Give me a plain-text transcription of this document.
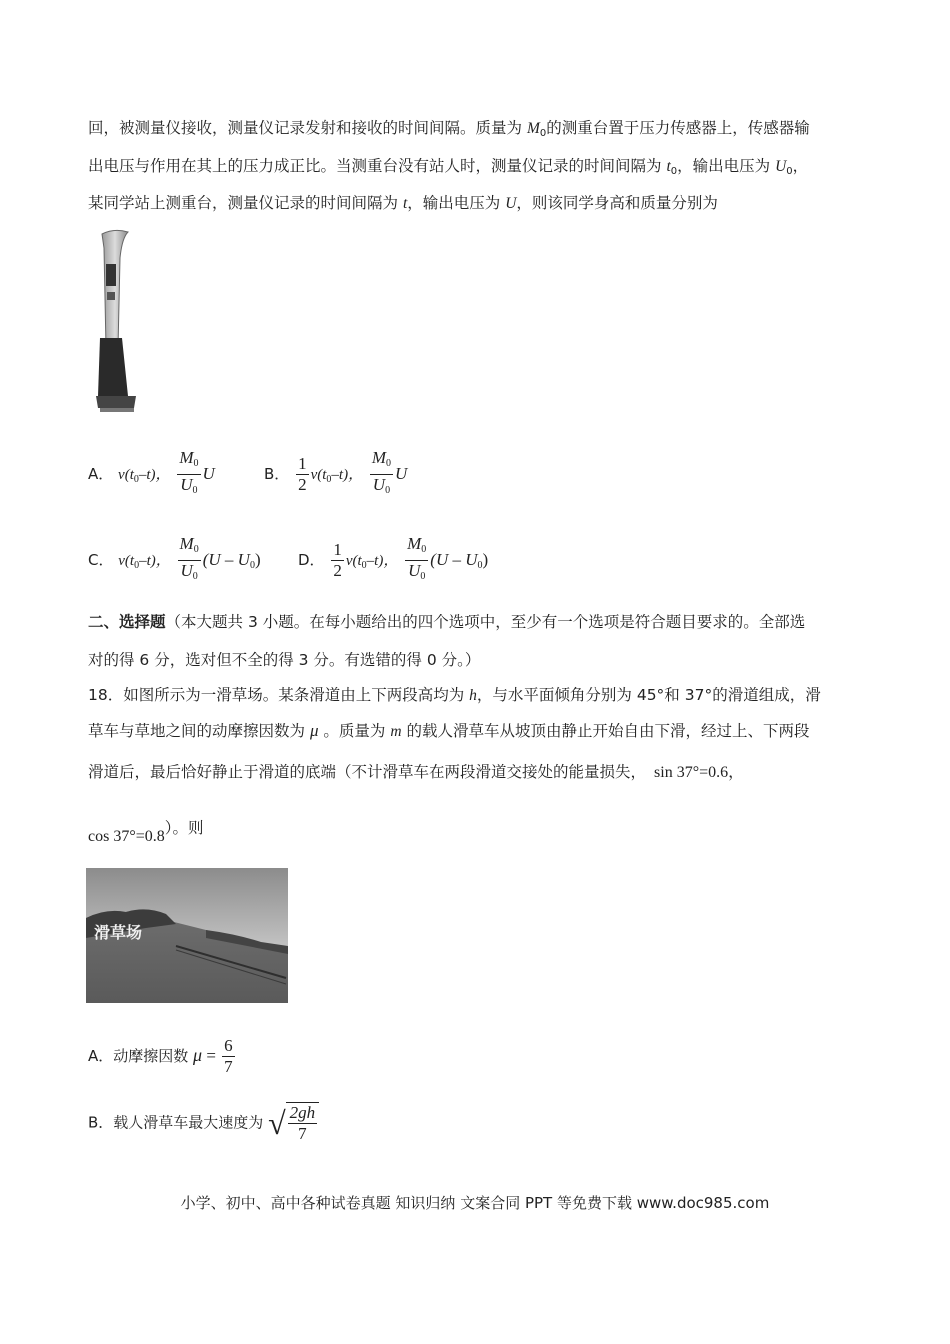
回，被测量仪接收，测量仪记录发射和接收的时间间隔。质量为 $M_0$的测重台置于压力传感器上，传感器输
出电压与作用在其上的压力成正比。当测重台没有站人时，测量仪记录的时间间隔为 $t_0$，输出电压为 $U_0$，
某同学站上测重台，测量仪记录的时间间隔为 t，输出电压为 U，则该同学身高和质量分别为
A． $v(t_0-t)$， $\frac{M_0}{U_0}$ U	B． $\frac{1}{2} v(t_0-t)$， $\frac{M_0}{U_0}$ U
C． $v(t_0-t)$， $\frac{M_0}{U_0} (U - U_0)$ D． $\frac{1}{2} v(t_0-t)$， $\frac{M_0}{U_0} (U - U_0)$
二、选择题（本大题共 3 小题。在每小题给出的四个选项中，至少有一个选项是符合题目要求的。全部选
对的得 6 分，选对但不全的得 3 分。有选错的得 0 分。）
18．如图所示为一滑草场。某条滑道由上下两段高均为 h，与水平面倾角分别为 45°和 37°的滑道组成，滑
草车与草地之间的动摩擦因数为 μ 。质量为 m 的载人滑草车从坡顶由静止开始自由下滑，经过上、下两段
滑道后，最后恰好静止于滑道的底端（不计滑草车在两段滑道交接处的能量损失， sin 37°=0.6，
cos 37°=0.8）。则
滑草场
A．动摩擦因数 $\mu = \frac{6}{7}$
B．载人滑草车最大速度为 √ $\frac{2gh}{7}$
小学、初中、高中各种试卷真题 知识归纳 文案合同 PPT 等免费下载 www.doc985.com
